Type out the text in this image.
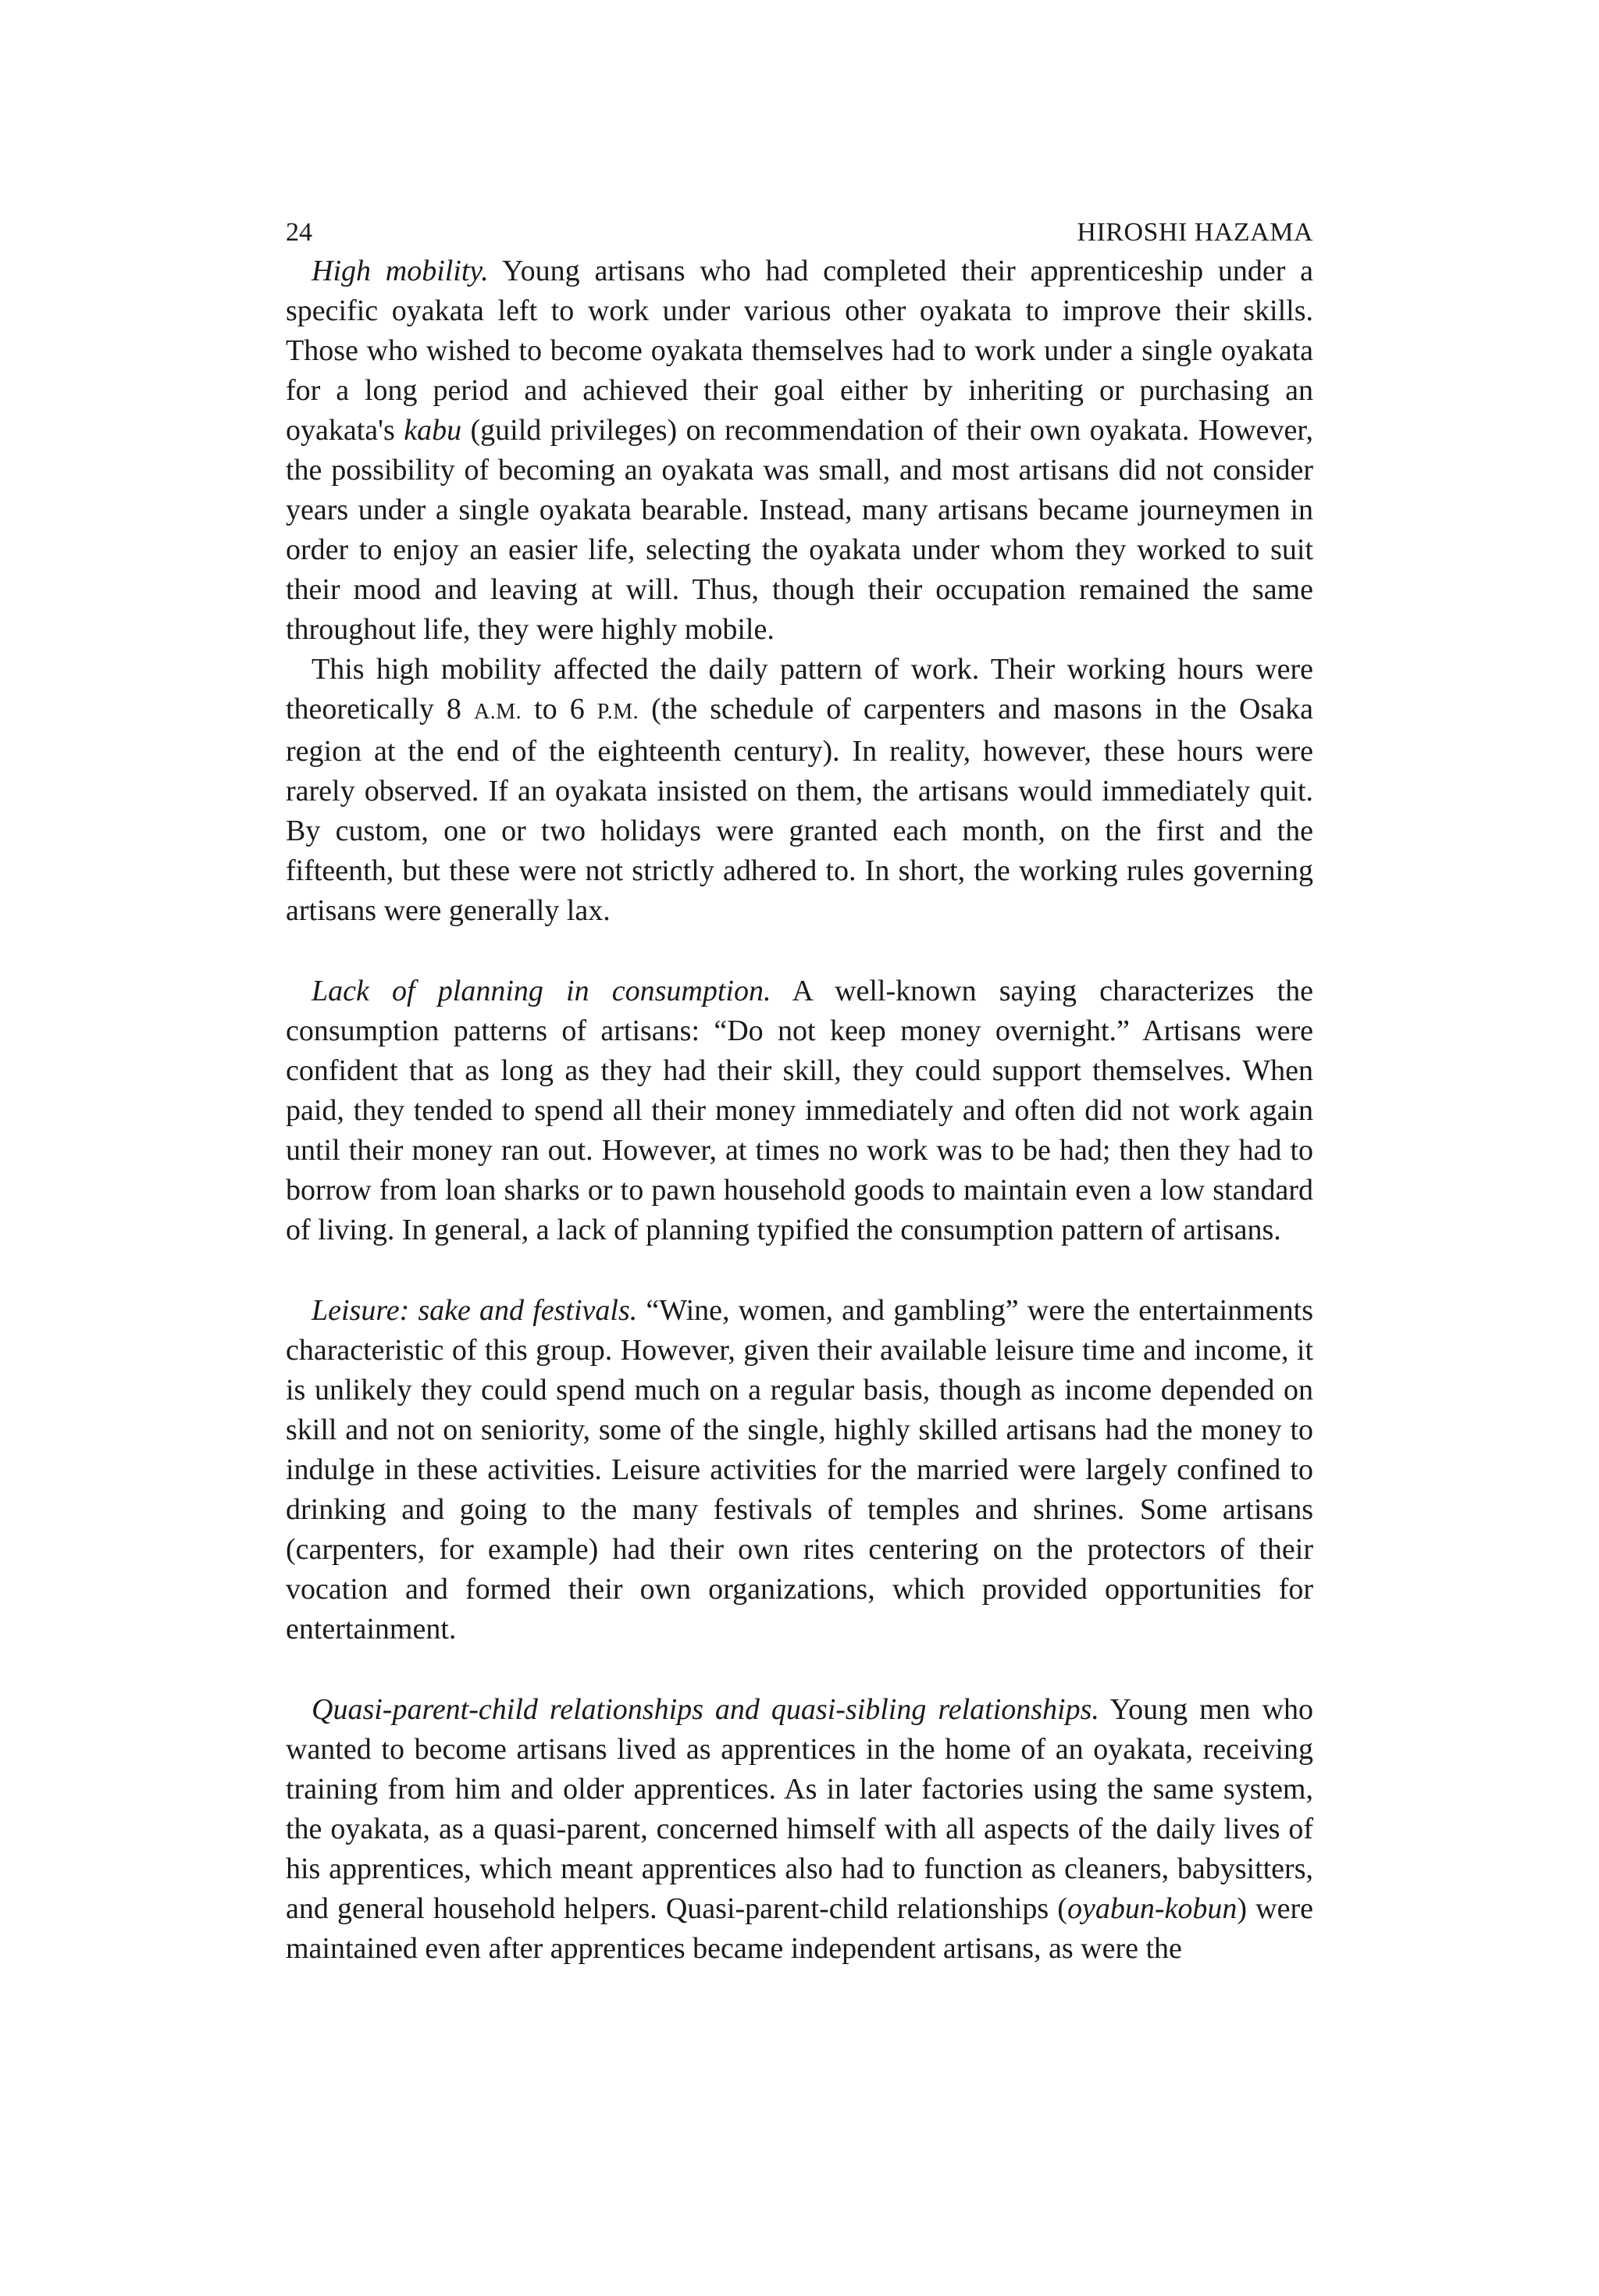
24	HIROSHI HAZAMA

High mobility. Young artisans who had completed their apprenticeship under a specific oyakata left to work under various other oyakata to improve their skills. Those who wished to become oyakata themselves had to work under a single oyakata for a long period and achieved their goal either by inheriting or purchasing an oyakata's kabu (guild privileges) on recommendation of their own oyakata. However, the possibility of becoming an oyakata was small, and most artisans did not consider years under a single oyakata bearable. Instead, many artisans became journeymen in order to enjoy an easier life, selecting the oyakata under whom they worked to suit their mood and leaving at will. Thus, though their occupation remained the same throughout life, they were highly mobile.

This high mobility affected the daily pattern of work. Their working hours were theoretically 8 A.M. to 6 P.M. (the schedule of carpenters and masons in the Osaka region at the end of the eighteenth century). In reality, however, these hours were rarely observed. If an oyakata insisted on them, the artisans would immediately quit. By custom, one or two holidays were granted each month, on the first and the fifteenth, but these were not strictly adhered to. In short, the working rules governing artisans were generally lax.

Lack of planning in consumption. A well-known saying characterizes the consumption patterns of artisans: “Do not keep money overnight.” Artisans were confident that as long as they had their skill, they could support themselves. When paid, they tended to spend all their money immediately and often did not work again until their money ran out. However, at times no work was to be had; then they had to borrow from loan sharks or to pawn household goods to maintain even a low standard of living. In general, a lack of planning typified the consumption pattern of artisans.

Leisure: sake and festivals. “Wine, women, and gambling” were the entertainments characteristic of this group. However, given their available leisure time and income, it is unlikely they could spend much on a regular basis, though as income depended on skill and not on seniority, some of the single, highly skilled artisans had the money to indulge in these activities. Leisure activities for the married were largely confined to drinking and going to the many festivals of temples and shrines. Some artisans (carpenters, for example) had their own rites centering on the protectors of their vocation and formed their own organizations, which provided opportunities for entertainment.

Quasi-parent-child relationships and quasi-sibling relationships. Young men who wanted to become artisans lived as apprentices in the home of an oyakata, receiving training from him and older apprentices. As in later factories using the same system, the oyakata, as a quasi-parent, concerned himself with all aspects of the daily lives of his apprentices, which meant apprentices also had to function as cleaners, babysitters, and general household helpers. Quasi-parent-child relationships (oyabun-kobun) were maintained even after apprentices became independent artisans, as were the
